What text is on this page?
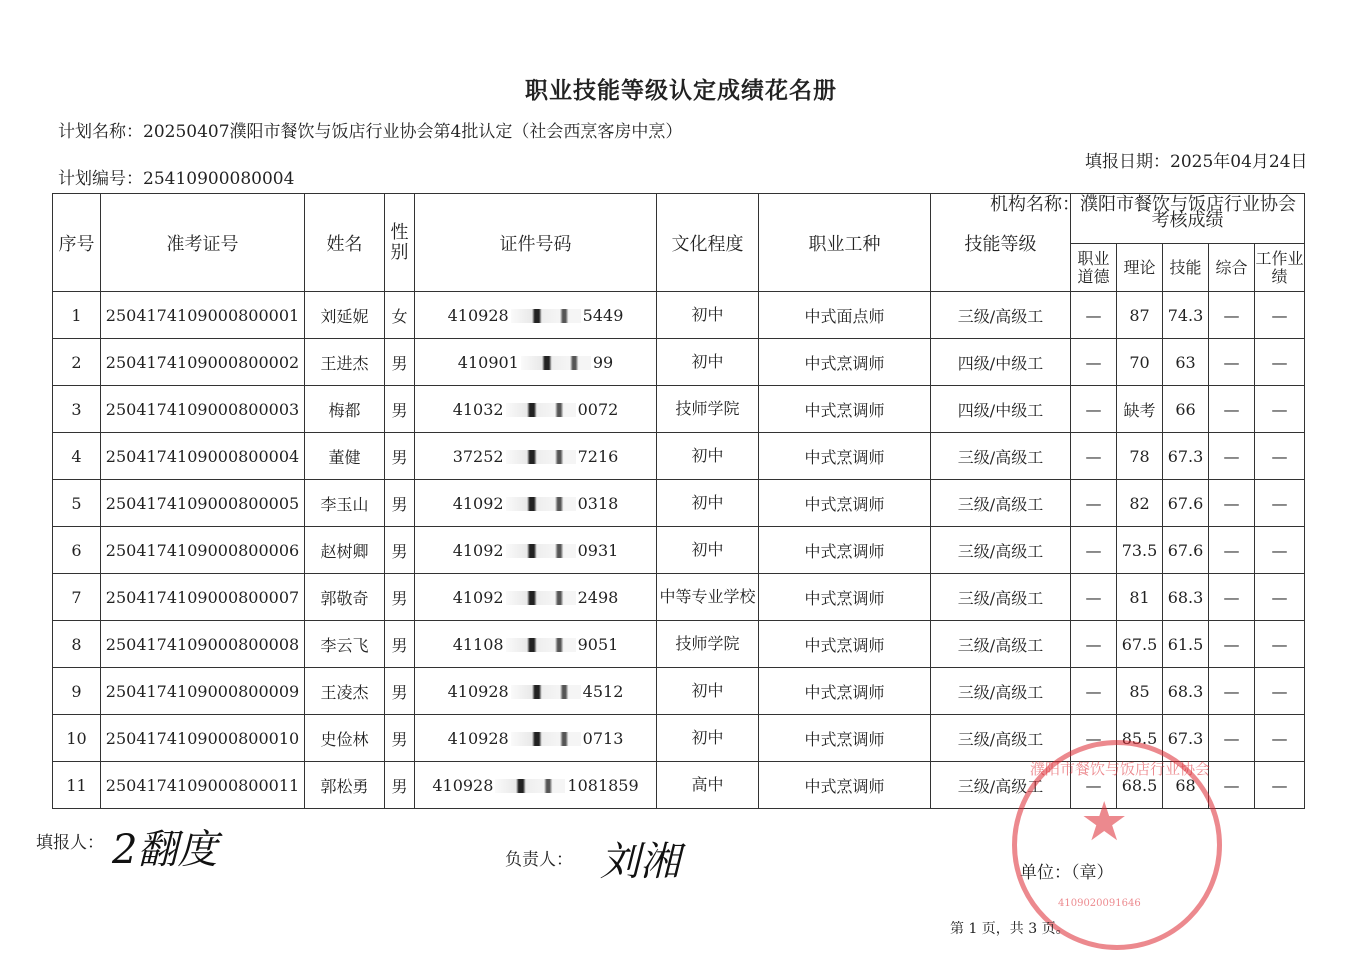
职业技能等级认定成绩花名册
计划名称：20250407濮阳市餐饮与饭店行业协会第4批认定（社会西烹客房中烹）
计划编号：25410900080004
填报日期：2025年04月24日
机构名称：濮阳市餐饮与饭店行业协会
序号	准考证号	姓名	性别	证件号码	文化程度	职业工种	技能等级	考核成绩				
								职业道德	理论	技能	综合	工作业绩
1	2504174109000800001	刘延妮	女	410928 5449	初中	中式面点师	三级/高级工	—	87	74.3	—	—
2	2504174109000800002	王进杰	男	410901 99	初中	中式烹调师	四级/中级工	—	70	63	—	—
3	2504174109000800003	梅都	男	41032 0072	技师学院	中式烹调师	四级/中级工	—	缺考	66	—	—
4	2504174109000800004	董健	男	37252 7216	初中	中式烹调师	三级/高级工	—	78	67.3	—	—
5	2504174109000800005	李玉山	男	41092 0318	初中	中式烹调师	三级/高级工	—	82	67.6	—	—
6	2504174109000800006	赵树卿	男	41092 0931	初中	中式烹调师	三级/高级工	—	73.5	67.6	—	—
7	2504174109000800007	郭敬奇	男	41092 2498	中等专业学校	中式烹调师	三级/高级工	—	81	68.3	—	—
8	2504174109000800008	李云飞	男	41108 9051	技师学院	中式烹调师	三级/高级工	—	67.5	61.5	—	—
9	2504174109000800009	王凌杰	男	410928 4512	初中	中式烹调师	三级/高级工	—	85	68.3	—	—
10	2504174109000800010	史俭林	男	410928 0713	初中	中式烹调师	三级/高级工	—	85.5	67.3	—	—
11	2504174109000800011	郭松勇	男	410928 1081859	高中	中式烹调师	三级/高级工	—	68.5	68	—	—
填报人： 2翻度	负责人： 刘湘
★
濮阳市餐饮与饭店行业协会
4109020091646
单位：（章）
第 1 页，共 3 页。
